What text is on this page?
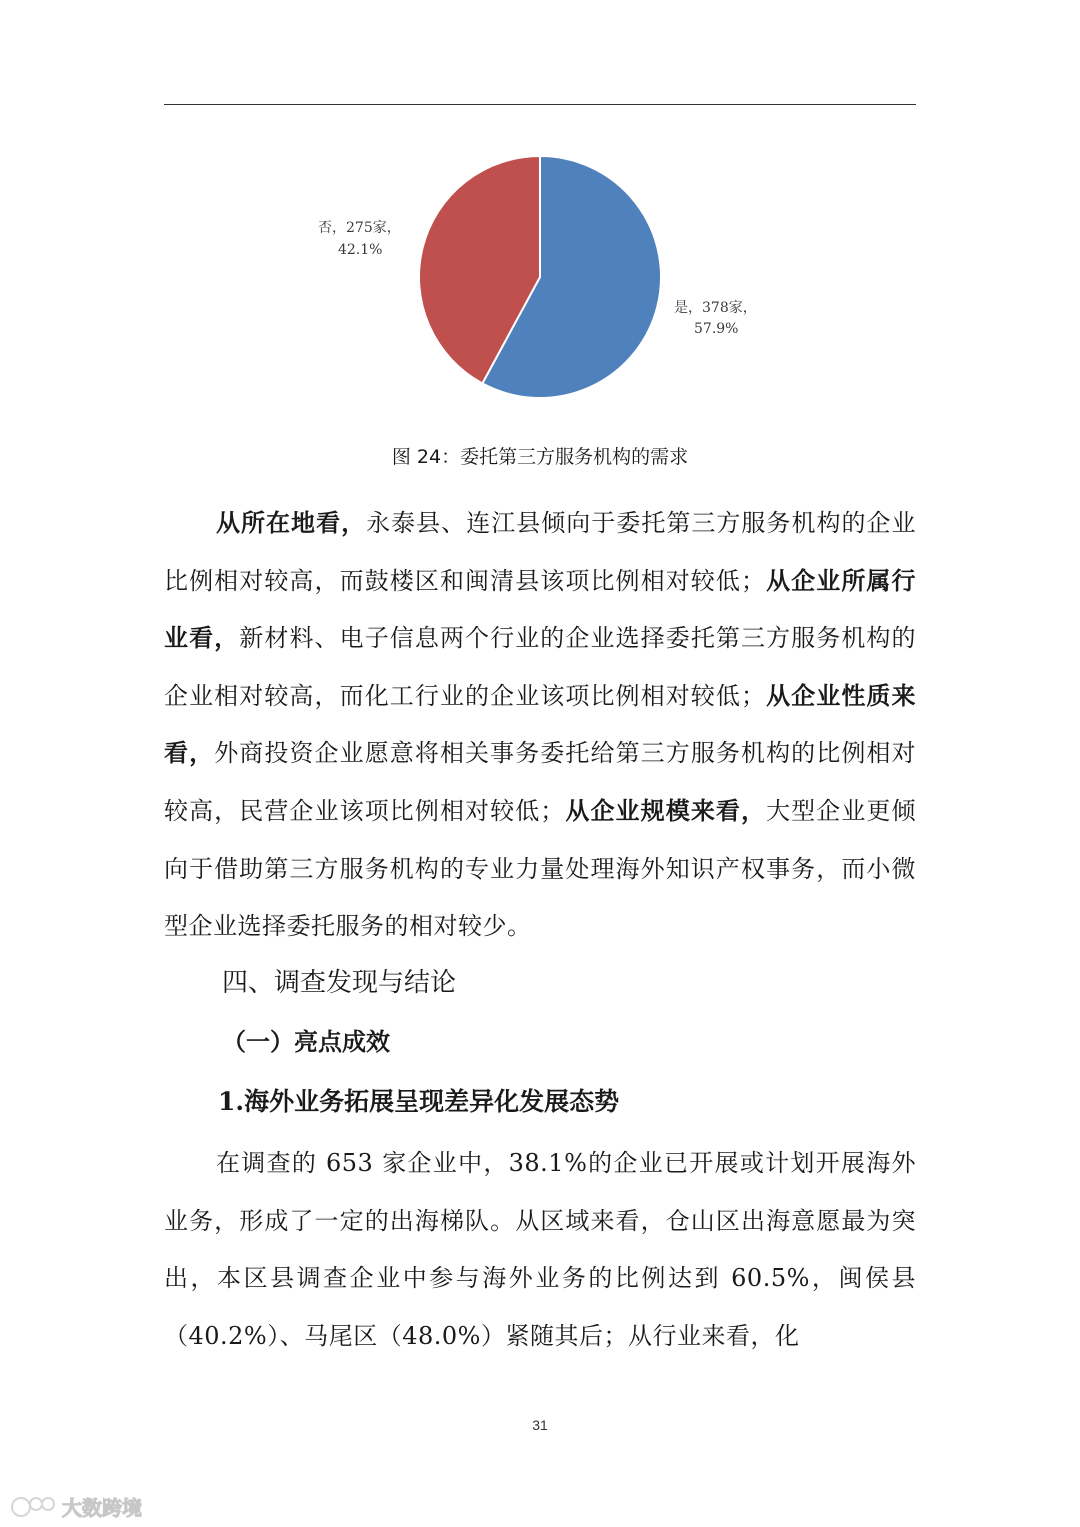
否，275家，
42.1%
是，378家，
57.9%
图 24：委托第三方服务机构的需求

从所在地看，永泰县、连江县倾向于委托第三方服务机构的企业比例相对较高，而鼓楼区和闽清县该项比例相对较低；从企业所属行业看，新材料、电子信息两个行业的企业选择委托第三方服务机构的企业相对较高，而化工行业的企业该项比例相对较低；从企业性质来看，外商投资企业愿意将相关事务委托给第三方服务机构的比例相对较高，民营企业该项比例相对较低；从企业规模来看，大型企业更倾向于借助第三方服务机构的专业力量处理海外知识产权事务，而小微型企业选择委托服务的相对较少。

四、调查发现与结论
（一）亮点成效
1.海外业务拓展呈现差异化发展态势

在调查的 653 家企业中，38.1%的企业已开展或计划开展海外业务，形成了一定的出海梯队。从区域来看，仓山区出海意愿最为突出，本区县调查企业中参与海外业务的比例达到 60.5%，闽侯县（40.2%）、马尾区（48.0%）紧随其后；从行业来看，化

31
大数跨境
